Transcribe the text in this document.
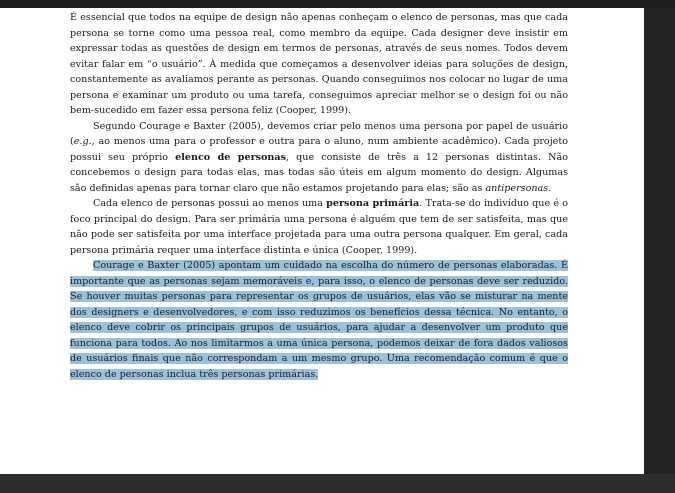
É essencial que todos na equipe de design não apenas conheçam o elenco de personas, mas que cada persona se torne como uma pessoa real, como membro da equipe. Cada designer deve insistir em expressar todas as questões de design em termos de personas, através de seus nomes. Todos devem evitar falar em “o usuário”. À medida que começamos a desenvolver ideias para soluções de design, constantemente as avaliamos perante as personas. Quando conseguimos nos colocar no lugar de uma persona e examinar um produto ou uma tarefa, conseguimos apreciar melhor se o design foi ou não bem-sucedido em fazer essa persona feliz (Cooper, 1999).

Segundo Courage e Baxter (2005), devemos criar pelo menos uma persona por papel de usuário (e.g., ao menos uma para o professor e outra para o aluno, num ambiente acadêmico). Cada projeto possui seu próprio elenco de personas, que consiste de três a 12 personas distintas. Não concebemos o design para todas elas, mas todas são úteis em algum momento do design. Algumas são definidas apenas para tornar claro que não estamos projetando para elas; são as antipersonas.

Cada elenco de personas possui ao menos uma persona primária. Trata-se do indivíduo que é o foco principal do design. Para ser primária uma persona é alguém que tem de ser satisfeita, mas que não pode ser satisfeita por uma interface projetada para uma outra persona qualquer. Em geral, cada persona primária requer uma interface distinta e única (Cooper, 1999).

Courage e Baxter (2005) apontam um cuidado na escolha do número de personas elaboradas. É importante que as personas sejam memoráveis e, para isso, o elenco de personas deve ser reduzido. Se houver muitas personas para representar os grupos de usuários, elas vão se misturar na mente dos designers e desenvolvedores, e com isso reduzimos os benefícios dessa técnica. No entanto, o elenco deve cobrir os principais grupos de usuários, para ajudar a desenvolver um produto que funciona para todos. Ao nos limitarmos a uma única persona, podemos deixar de fora dados valiosos de usuários finais que não correspondam a um mesmo grupo. Uma recomendação comum é que o elenco de personas inclua três personas primárias.
